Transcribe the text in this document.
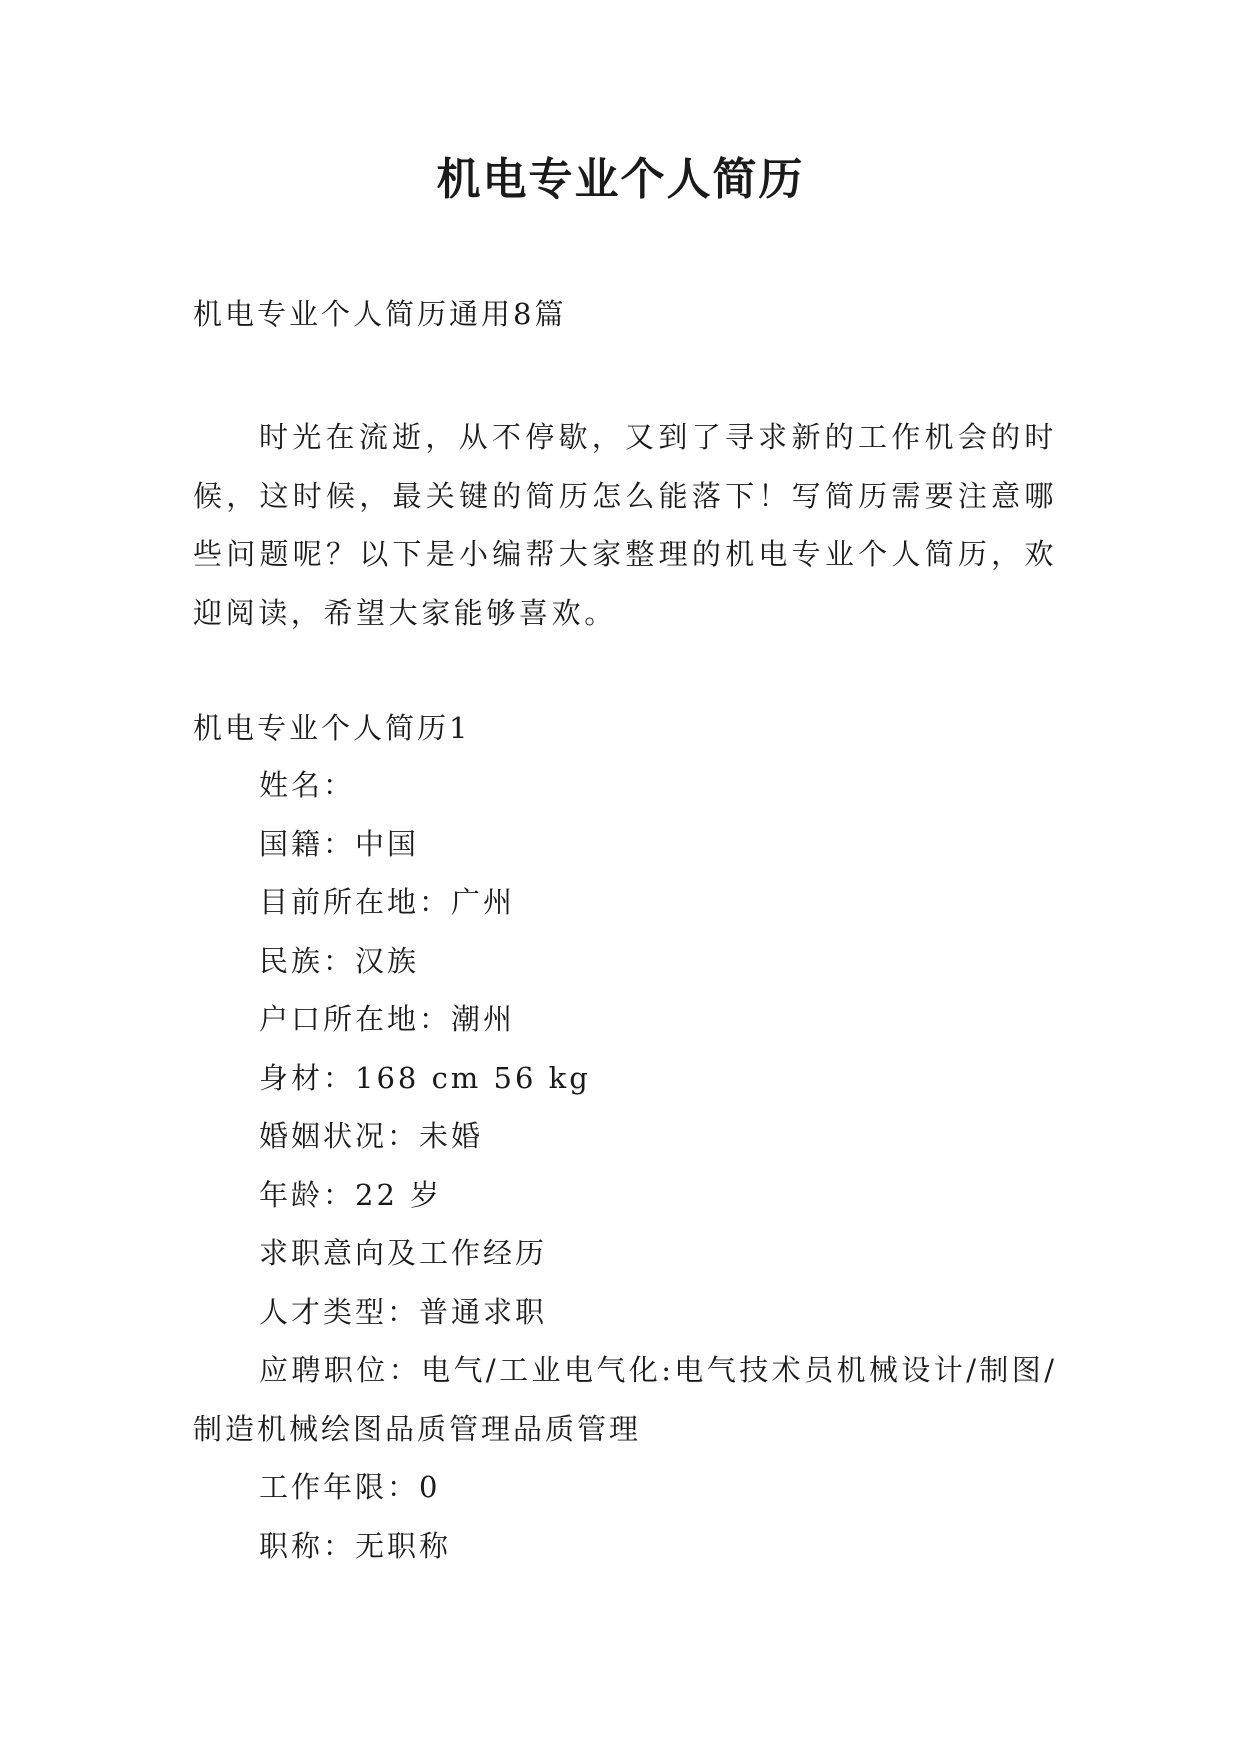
机电专业个人简历

机电专业个人简历通用8篇

时光在流逝，从不停歇，又到了寻求新的工作机会的时候，这时候，最关键的简历怎么能落下！写简历需要注意哪些问题呢？以下是小编帮大家整理的机电专业个人简历，欢迎阅读，希望大家能够喜欢。

机电专业个人简历1

姓名：

国籍：中国

目前所在地：广州

民族：汉族

户口所在地：潮州

身材：168 cm 56 kg

婚姻状况：未婚

年龄：22 岁

求职意向及工作经历

人才类型：普通求职

应聘职位：电气/工业电气化:电气技术员机械设计/制图/制造机械绘图品质管理品质管理

工作年限：0

职称：无职称
